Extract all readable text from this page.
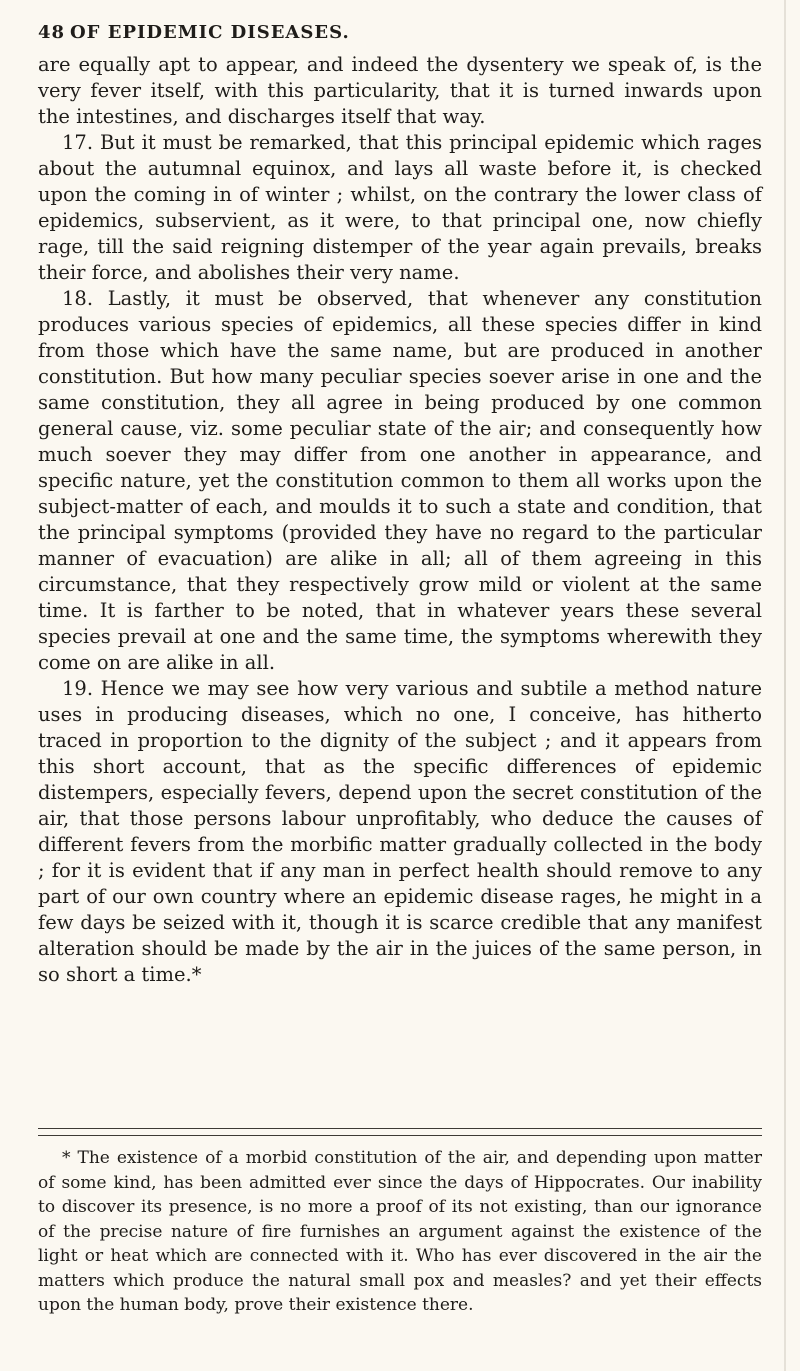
48 OF EPIDEMIC DISEASES.

are equally apt to appear, and indeed the dysentery we speak of, is the very fever itself, with this particularity, that it is turned inwards upon the intestines, and discharges itself that way.

17. But it must be remarked, that this principal epidemic which rages about the autumnal equinox, and lays all waste before it, is checked upon the coming in of winter ; whilst, on the contrary the lower class of epidemics, subservient, as it were, to that principal one, now chiefly rage, till the said reigning distemper of the year again prevails, breaks their force, and abolishes their very name.

18. Lastly, it must be observed, that whenever any constitution produces various species of epidemics, all these species differ in kind from those which have the same name, but are produced in another constitution. But how many peculiar species soever arise in one and the same constitution, they all agree in being produced by one common general cause, viz. some peculiar state of the air; and consequently how much soever they may differ from one another in appearance, and specific nature, yet the constitution common to them all works upon the subject-matter of each, and moulds it to such a state and condition, that the principal symptoms (provided they have no regard to the particular manner of evacuation) are alike in all; all of them agreeing in this circumstance, that they respectively grow mild or violent at the same time. It is farther to be noted, that in whatever years these several species prevail at one and the same time, the symptoms wherewith they come on are alike in all.

19. Hence we may see how very various and subtile a method nature uses in producing diseases, which no one, I conceive, has hitherto traced in proportion to the dignity of the subject ; and it appears from this short account, that as the specific differences of epidemic distempers, especially fevers, depend upon the secret constitution of the air, that those persons labour unprofitably, who deduce the causes of different fevers from the morbific matter gradually collected in the body ; for it is evident that if any man in perfect health should remove to any part of our own country where an epidemic disease rages, he might in a few days be seized with it, though it is scarce credible that any manifest alteration should be made by the air in the juices of the same person, in so short a time.*

* The existence of a morbid constitution of the air, and depending upon matter of some kind, has been admitted ever since the days of Hippocrates. Our inability to discover its presence, is no more a proof of its not existing, than our ignorance of the precise nature of fire furnishes an argument against the existence of the light or heat which are connected with it. Who has ever discovered in the air the matters which produce the natural small pox and measles? and yet their effects upon the human body, prove their existence there.
